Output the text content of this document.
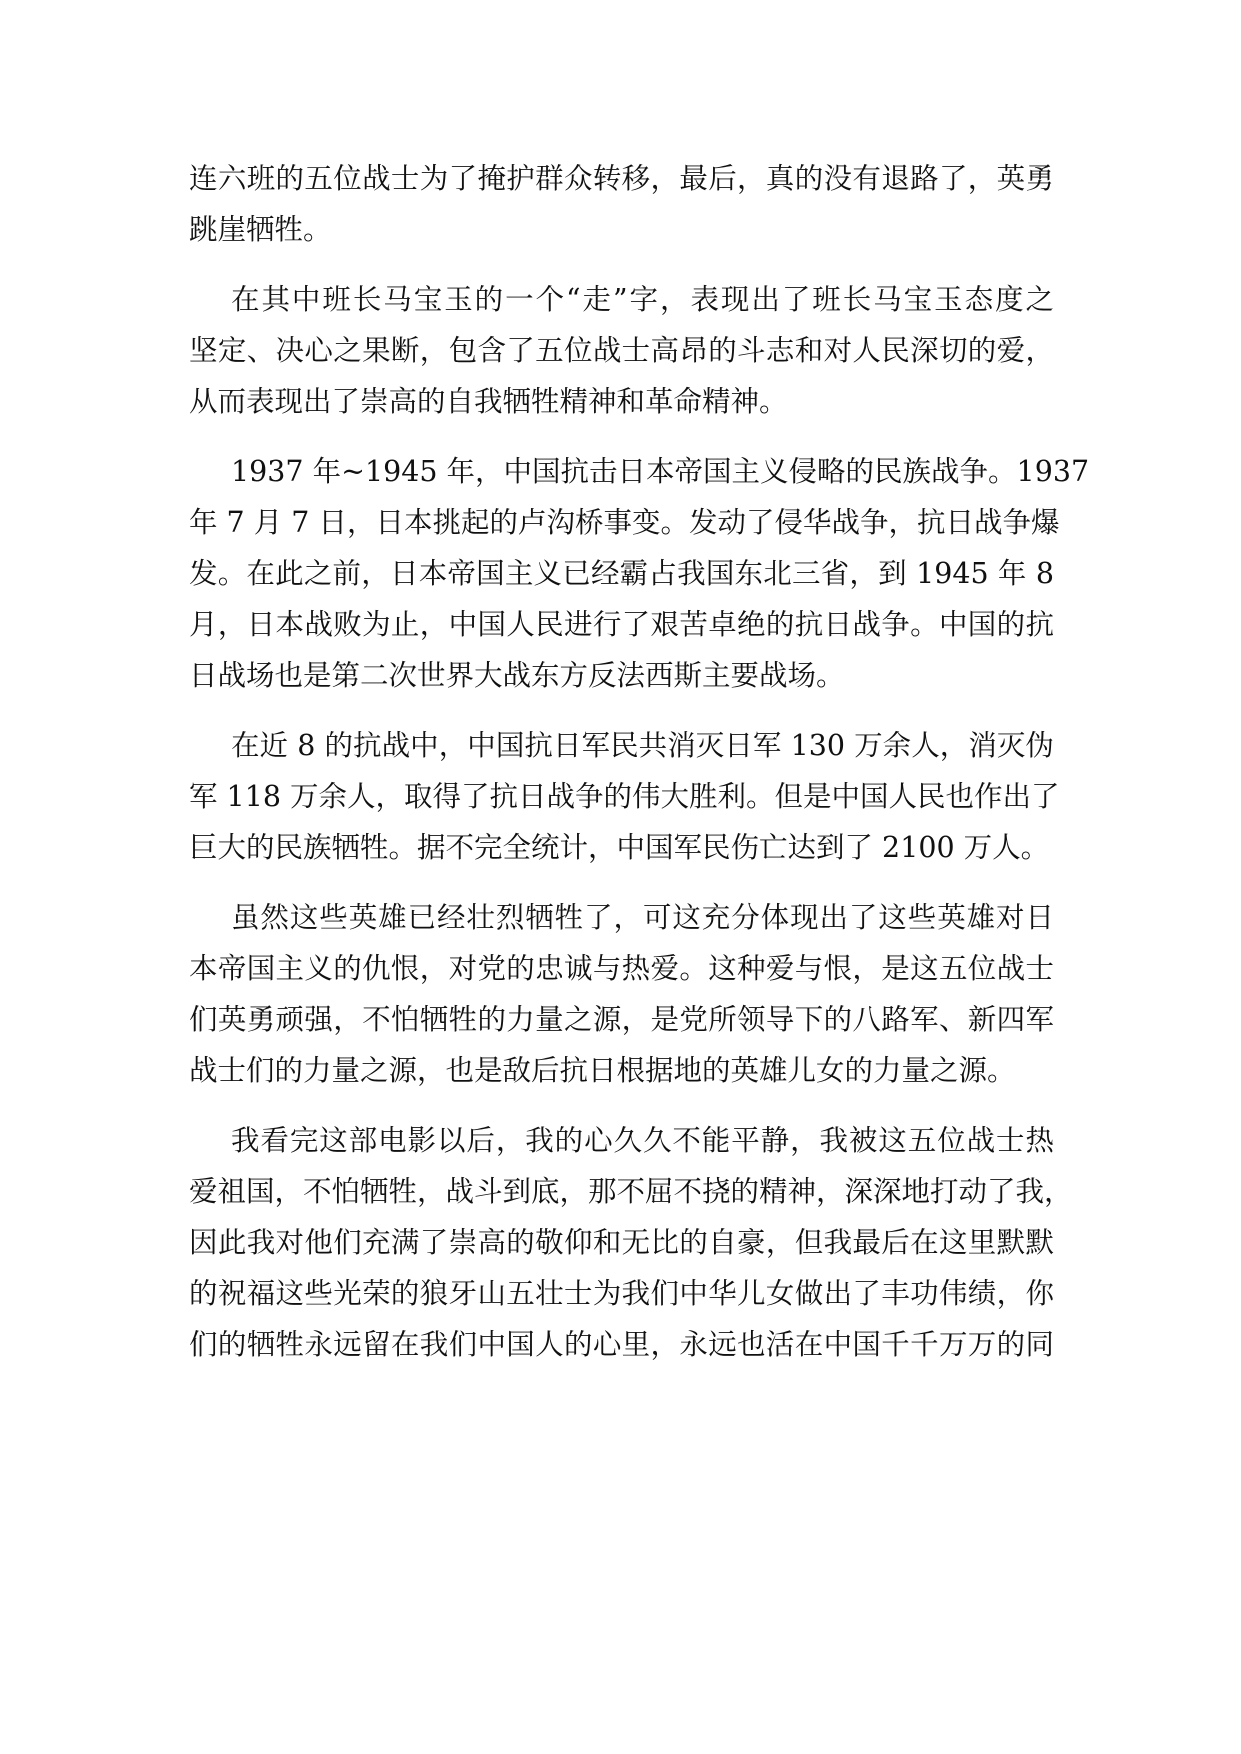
连六班的五位战士为了掩护群众转移，最后，真的没有退路了，英勇
跳崖牺牲。
在其中班长马宝玉的一个“走”字，表现出了班长马宝玉态度之
坚定、决心之果断，包含了五位战士高昂的斗志和对人民深切的爱，
从而表现出了崇高的自我牺牲精神和革命精神。
1937 年~1945 年，中国抗击日本帝国主义侵略的民族战争。1937
年 7 月 7 日，日本挑起的卢沟桥事变。发动了侵华战争，抗日战争爆
发。在此之前，日本帝国主义已经霸占我国东北三省，到 1945 年 8
月，日本战败为止，中国人民进行了艰苦卓绝的抗日战争。中国的抗
日战场也是第二次世界大战东方反法西斯主要战场。
在近 8 的抗战中，中国抗日军民共消灭日军 130 万余人，消灭伪
军 118 万余人，取得了抗日战争的伟大胜利。但是中国人民也作出了
巨大的民族牺牲。据不完全统计，中国军民伤亡达到了 2100 万人。
虽然这些英雄已经壮烈牺牲了，可这充分体现出了这些英雄对日
本帝国主义的仇恨，对党的忠诚与热爱。这种爱与恨，是这五位战士
们英勇顽强，不怕牺牲的力量之源，是党所领导下的八路军、新四军
战士们的力量之源，也是敌后抗日根据地的英雄儿女的力量之源。
我看完这部电影以后，我的心久久不能平静，我被这五位战士热
爱祖国，不怕牺牲，战斗到底，那不屈不挠的精神，深深地打动了我，
因此我对他们充满了崇高的敬仰和无比的自豪，但我最后在这里默默
的祝福这些光荣的狼牙山五壮士为我们中华儿女做出了丰功伟绩，你
们的牺牲永远留在我们中国人的心里，永远也活在中国千千万万的同
